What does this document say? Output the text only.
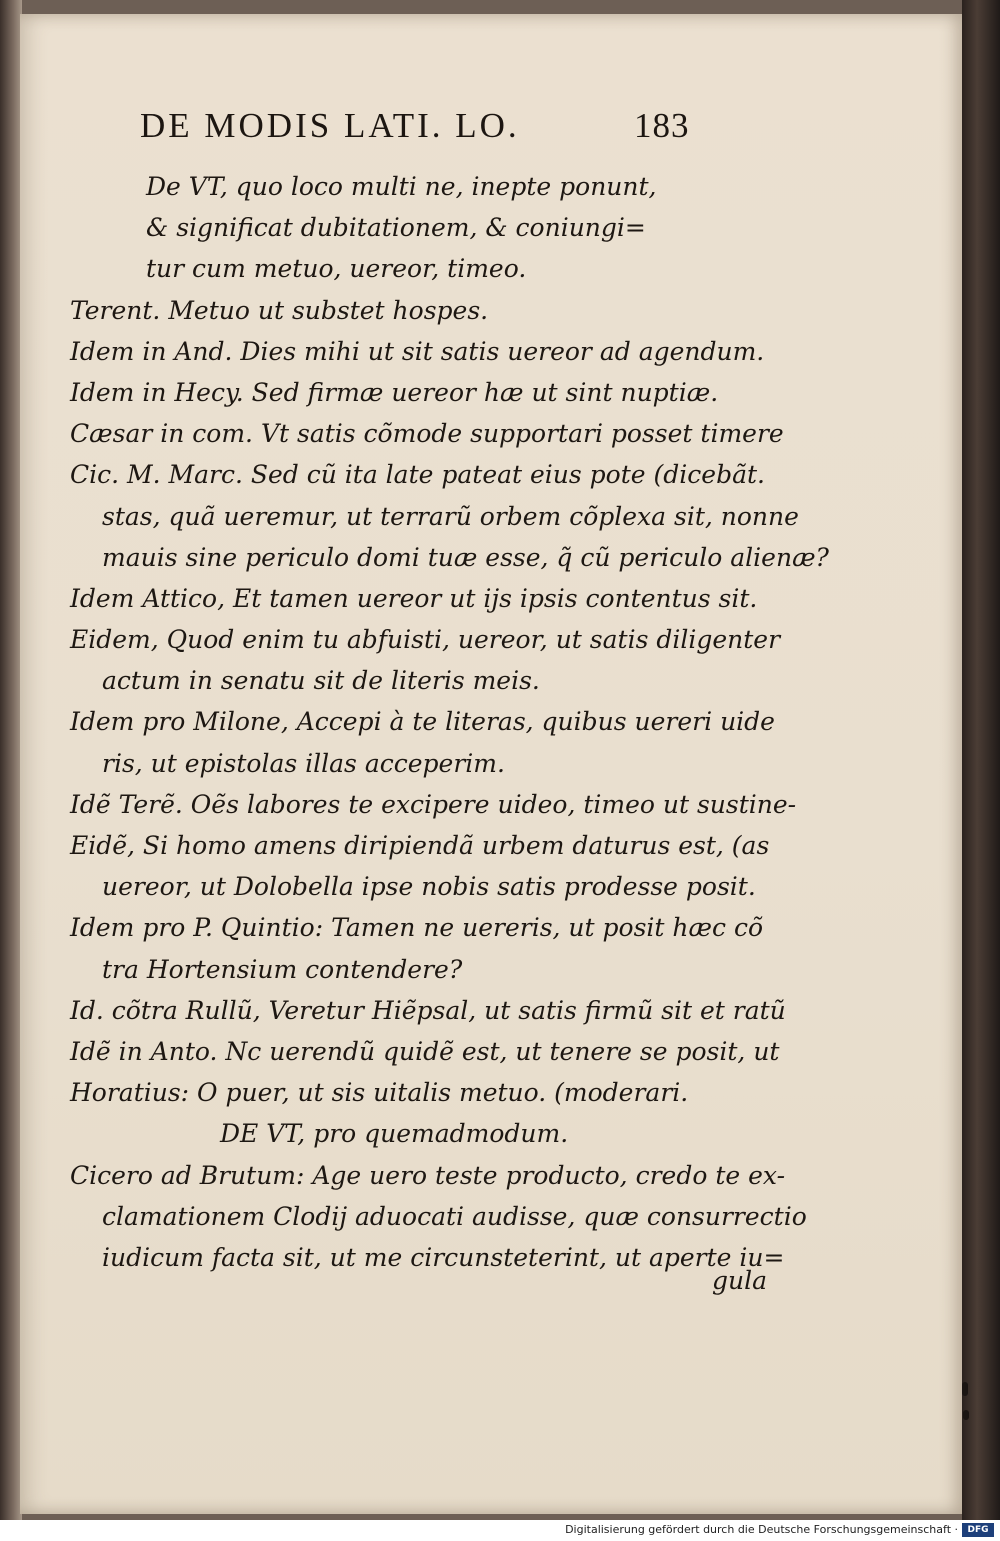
DE MODIS LATI. LO.	183
De VT, quo loco multi ne, inepte ponunt,
& significat dubitationem, & coniungi=
tur cum metuo, uereor, timeo.
Terent. Metuo ut substet hospes.
Idem in And. Dies mihi ut sit satis uereor ad agendum.
Idem in Hecy. Sed firmæ uereor hæ ut sint nuptiæ.
Cæsar in com. Vt satis cõmode supportari posset timere
Cic. M. Marc. Sed cũ ita late pateat eius pote (dicebãt.
stas, quã ueremur, ut terrarũ orbem cõplexa sit, nonne
mauis sine periculo domi tuæ esse, q̃ cũ periculo alienæ?
Idem Attico, Et tamen uereor ut ijs ipsis contentus sit.
Eidem, Quod enim tu abfuisti, uereor, ut satis diligenter
actum in senatu sit de literis meis.
Idem pro Milone, Accepi à te literas, quibus uereri uide
ris, ut epistolas illas acceperim.
Idẽ Terẽ. Oẽs labores te excipere uideo, timeo ut sustine-
Eidẽ, Si homo amens diripiendã urbem daturus est, (as
uereor, ut Dolobella ipse nobis satis prodesse posit.
Idem pro P. Quintio: Tamen ne uereris, ut posit hæc cõ
tra Hortensium contendere?
Id. cõtra Rullũ, Veretur Hiẽpsal, ut satis firmũ sit et ratũ
Idẽ in Anto. Nc uerendũ quidẽ est, ut tenere se posit, ut
Horatius: O puer, ut sis uitalis metuo. (moderari.
DE VT, pro quemadmodum.
Cicero ad Brutum: Age uero teste producto, credo te ex-
clamationem Clodij aduocati audisse, quæ consurrectio
iudicum facta sit, ut me circunsteterint, ut aperte iu=
gula
Digitalisierung gefördert durch die Deutsche Forschungsgemeinschaft ·	DFG
